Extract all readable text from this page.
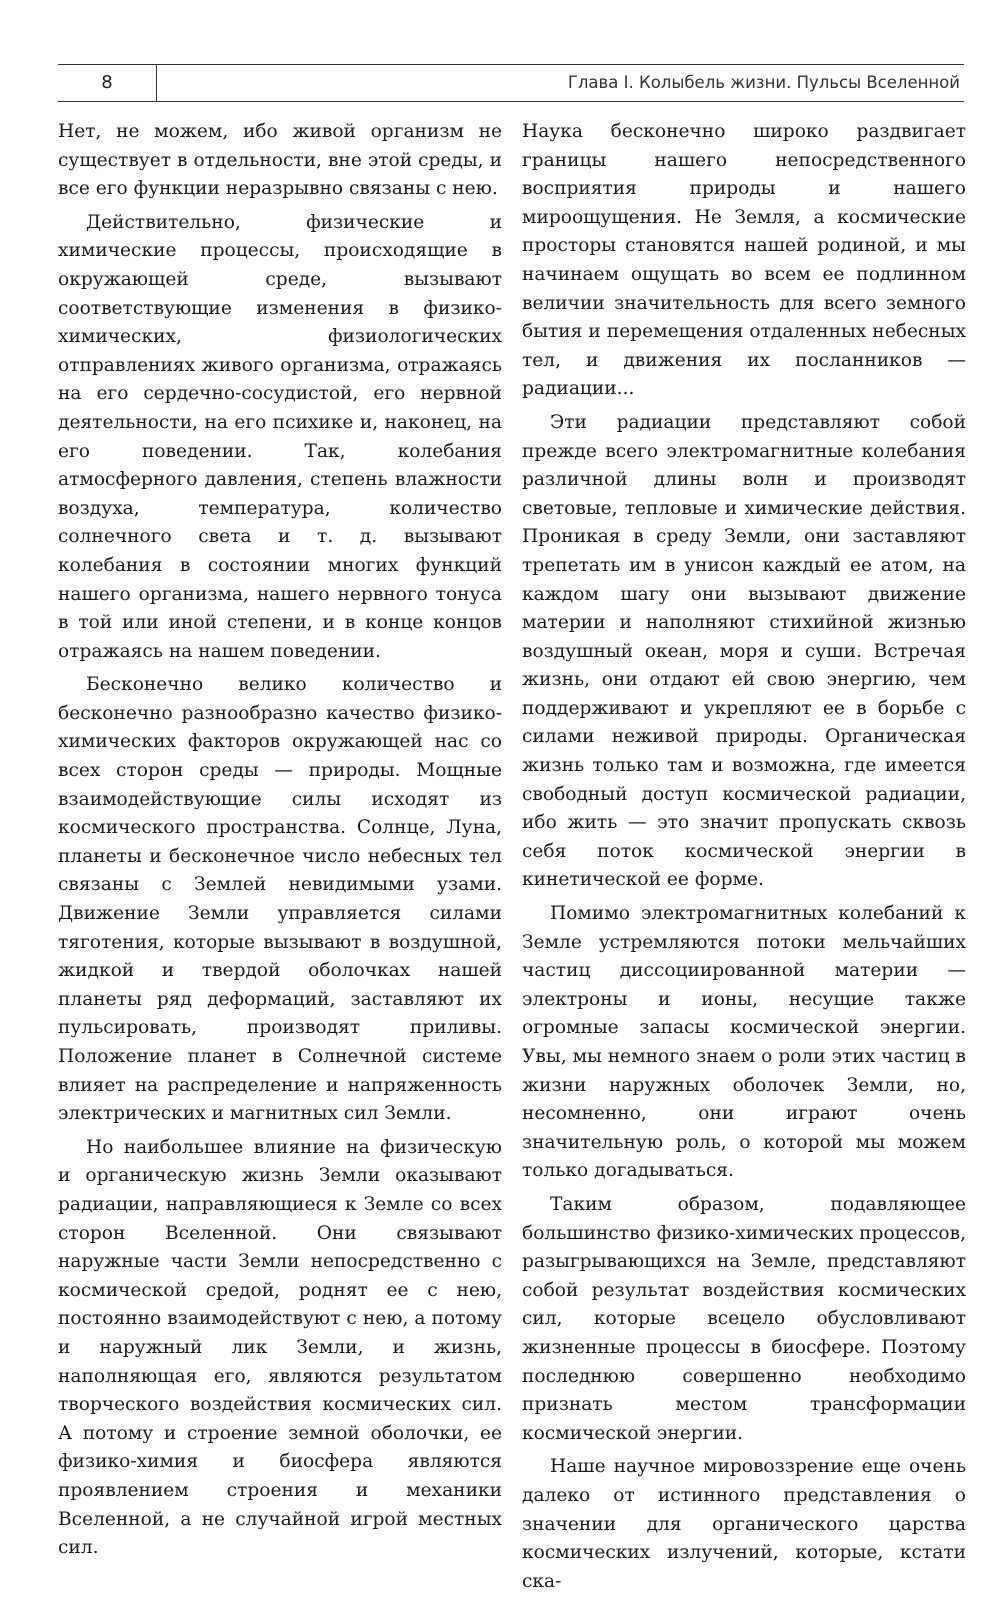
8	Глава I. Колыбель жизни. Пульсы Вселенной

Нет, не можем, ибо живой организм не существует в отдельности, вне этой среды, и все его функции неразрывно связаны с нею.

Действительно, физические и химические процессы, происходящие в окружающей среде, вызывают соответствующие изменения в физико-химических, физиологических отправлениях живого организма, отражаясь на его сердечно-сосудистой, его нервной деятельности, на его психике и, наконец, на его поведении. Так, колебания атмосферного давления, степень влажности воздуха, температура, количество солнечного света и т. д. вызывают колебания в состоянии многих функций нашего организма, нашего нервного тонуса в той или иной степени, и в конце концов отражаясь на нашем поведении.

Бесконечно велико количество и бесконечно разнообразно качество физико-химических факторов окружающей нас со всех сторон среды — природы. Мощные взаимодействующие силы исходят из космического пространства. Солнце, Луна, планеты и бесконечное число небесных тел связаны с Землей невидимыми узами. Движение Земли управляется силами тяготения, которые вызывают в воздушной, жидкой и твердой оболочках нашей планеты ряд деформаций, заставляют их пульсировать, производят приливы. Положение планет в Солнечной системе влияет на распределение и напряженность электрических и магнитных сил Земли.

Но наибольшее влияние на физическую и органическую жизнь Земли оказывают радиации, направляющиеся к Земле со всех сторон Вселенной. Они связывают наружные части Земли непосредственно с космической средой, роднят ее с нею, постоянно взаимодействуют с нею, а потому и наружный лик Земли, и жизнь, наполняющая его, являются результатом творческого воздействия космических сил. А потому и строение земной оболочки, ее физико-химия и биосфера являются проявлением строения и механики Вселенной, а не случайной игрой местных сил.

Наука бесконечно широко раздвигает границы нашего непосредственного восприятия природы и нашего мироощущения. Не Земля, а космические просторы становятся нашей родиной, и мы начинаем ощущать во всем ее подлинном величии значительность для всего земного бытия и перемещения отдаленных небесных тел, и движения их посланников — радиации...

Эти радиации представляют собой прежде всего электромагнитные колебания различной длины волн и производят световые, тепловые и химические действия. Проникая в среду Земли, они заставляют трепетать им в унисон каждый ее атом, на каждом шагу они вызывают движение материи и наполняют стихийной жизнью воздушный океан, моря и суши. Встречая жизнь, они отдают ей свою энергию, чем поддерживают и укрепляют ее в борьбе с силами неживой природы. Органическая жизнь только там и возможна, где имеется свободный доступ космической радиации, ибо жить — это значит пропускать сквозь себя поток космической энергии в кинетической ее форме.

Помимо электромагнитных колебаний к Земле устремляются потоки мельчайших частиц диссоциированной материи — электроны и ионы, несущие также огромные запасы космической энергии. Увы, мы немного знаем о роли этих частиц в жизни наружных оболочек Земли, но, несомненно, они играют очень значительную роль, о которой мы можем только догадываться.

Таким образом, подавляющее большинство физико-химических процессов, разыгрывающихся на Земле, представляют собой результат воздействия космических сил, которые всецело обусловливают жизненные процессы в биосфере. Поэтому последнюю совершенно необходимо признать местом трансформации космической энергии.

Наше научное мировоззрение еще очень далеко от истинного представления о значении для органического царства космических излучений, которые, кстати ска-
